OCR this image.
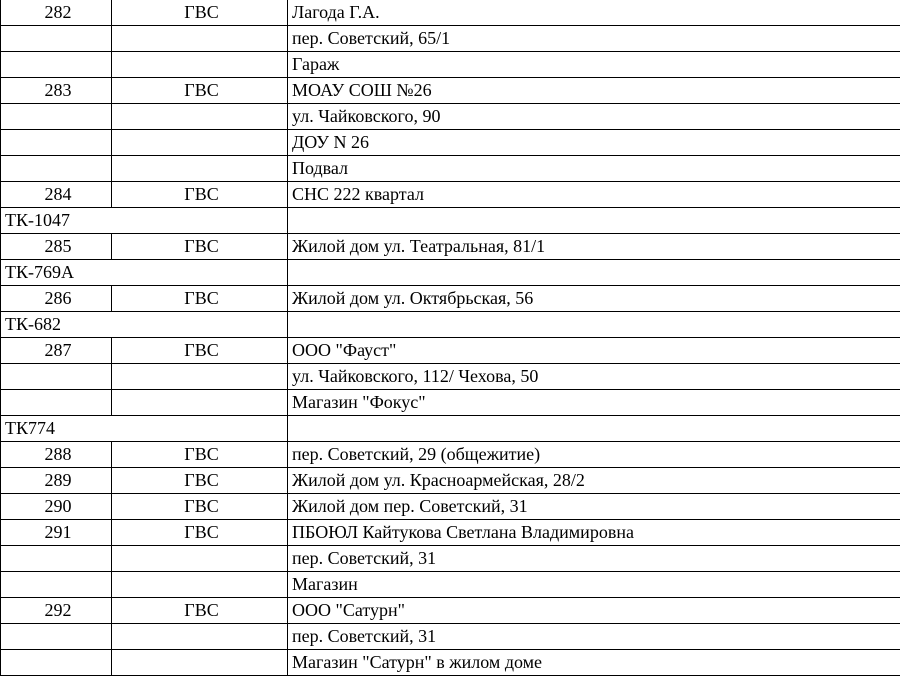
282	ГВС	Лагода Г.А.
		пер. Советский, 65/1
		Гараж
283	ГВС	МОАУ СОШ №26
		ул. Чайковского, 90
		ДОУ N 26
		Подвал
284	ГВС	СНС 222 квартал
ТК-1047		
285	ГВС	Жилой дом ул. Театральная, 81/1
ТК-769А		
286	ГВС	Жилой дом ул. Октябрьская, 56
ТК-682		
287	ГВС	ООО "Фауст"
		ул. Чайковского, 112/ Чехова, 50
		Магазин "Фокус"
ТК774		
288	ГВС	пер. Советский, 29 (общежитие)
289	ГВС	Жилой дом ул. Красноармейская, 28/2
290	ГВС	Жилой дом пер. Советский, 31
291	ГВС	ПБОЮЛ Кайтукова Светлана Владимировна
		пер. Советский, 31
		Магазин
292	ГВС	ООО "Сатурн"
		пер. Советский, 31
		Магазин "Сатурн" в жилом доме
